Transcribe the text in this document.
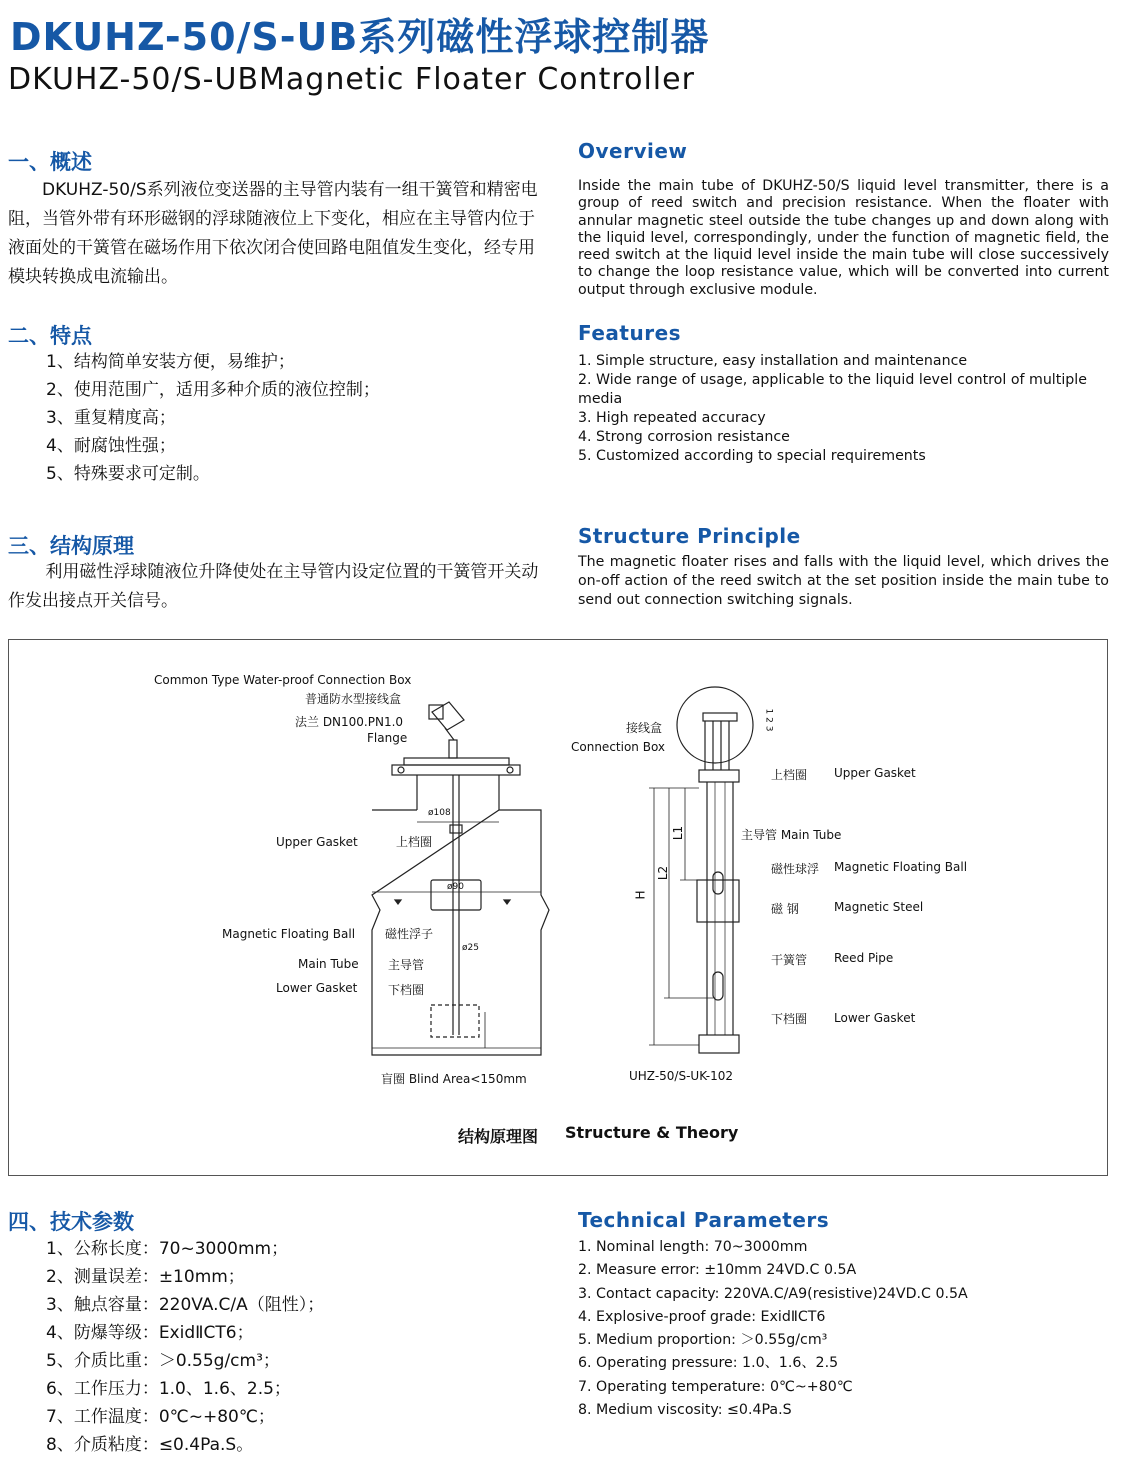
DKUHZ-50/S-UB系列磁性浮球控制器
DKUHZ-50/S-UBMagnetic Floater Controller
一、概述
DKUHZ-50/S系列液位变送器的主导管内装有一组干簧管和精密电阻，当管外带有环形磁钢的浮球随液位上下变化，相应在主导管内位于液面处的干簧管在磁场作用下依次闭合使回路电阻值发生变化，经专用模块转换成电流输出。
Overview
Inside the main tube of DKUHZ-50/S liquid level transmitter, there is a group of reed switch and precision resistance. When the floater with annular magnetic steel outside the tube changes up and down along with the liquid level, correspondingly, under the function of magnetic field, the reed switch at the liquid level inside the main tube will close successively to change the loop resistance value, which will be converted into current output through exclusive module.
二、特点
1、结构简单安装方便，易维护；
2、使用范围广，适用多种介质的液位控制；
3、重复精度高；
4、耐腐蚀性强；
5、特殊要求可定制。
Features
1. Simple structure, easy installation and maintenance
2. Wide range of usage, applicable to the liquid level control of multiple media
3. High repeated accuracy
4. Strong corrosion resistance
5. Customized according to special requirements
三、结构原理
利用磁性浮球随液位升降使处在主导管内设定位置的干簧管开关动作发出接点开关信号。
Structure Principle
The magnetic floater rises and falls with the liquid level, which drives the on-off action of the reed switch at the set position inside the main tube to send out connection switching signals.
Common Type Water-proof Connection Box
普通防水型接线盒
法兰 DN100.PN1.0
Flange
ø108
Upper Gasket	上档圈
ø90
Magnetic Floating Ball 磁性浮子
ø25
Main Tube 主导管
Lower Gasket	下档圈
盲圈 Blind Area<150mm
接线盒
Connection Box
1 2 3
上档圈 Upper Gasket
主导管 Main Tube
磁性球浮 Magnetic Floating Ball
磁 钢	Magnetic Steel
干簧管 Reed Pipe
下档圈 Lower Gasket
UHZ-50/S-UK-102
H
L2
L1
结构原理图 Structure & Theory
四、技术参数
1、公称长度：70~3000mm；
2、测量误差：±10mm；
3、触点容量：220VA.C/A（阻性）；
4、防爆等级：ExidⅡCT6；
5、介质比重：＞0.55g/cm³；
6、工作压力：1.0、1.6、2.5；
7、工作温度：0℃~+80℃；
8、介质粘度：≤0.4Pa.S。
Technical Parameters
1. Nominal length: 70~3000mm
2. Measure error: ±10mm 24VD.C 0.5A
3. Contact capacity: 220VA.C/A9(resistive)24VD.C 0.5A
4. Explosive-proof grade: ExidⅡCT6
5. Medium proportion: ＞0.55g/cm³
6. Operating pressure: 1.0、1.6、2.5
7. Operating temperature: 0℃~+80℃
8. Medium viscosity: ≤0.4Pa.S
